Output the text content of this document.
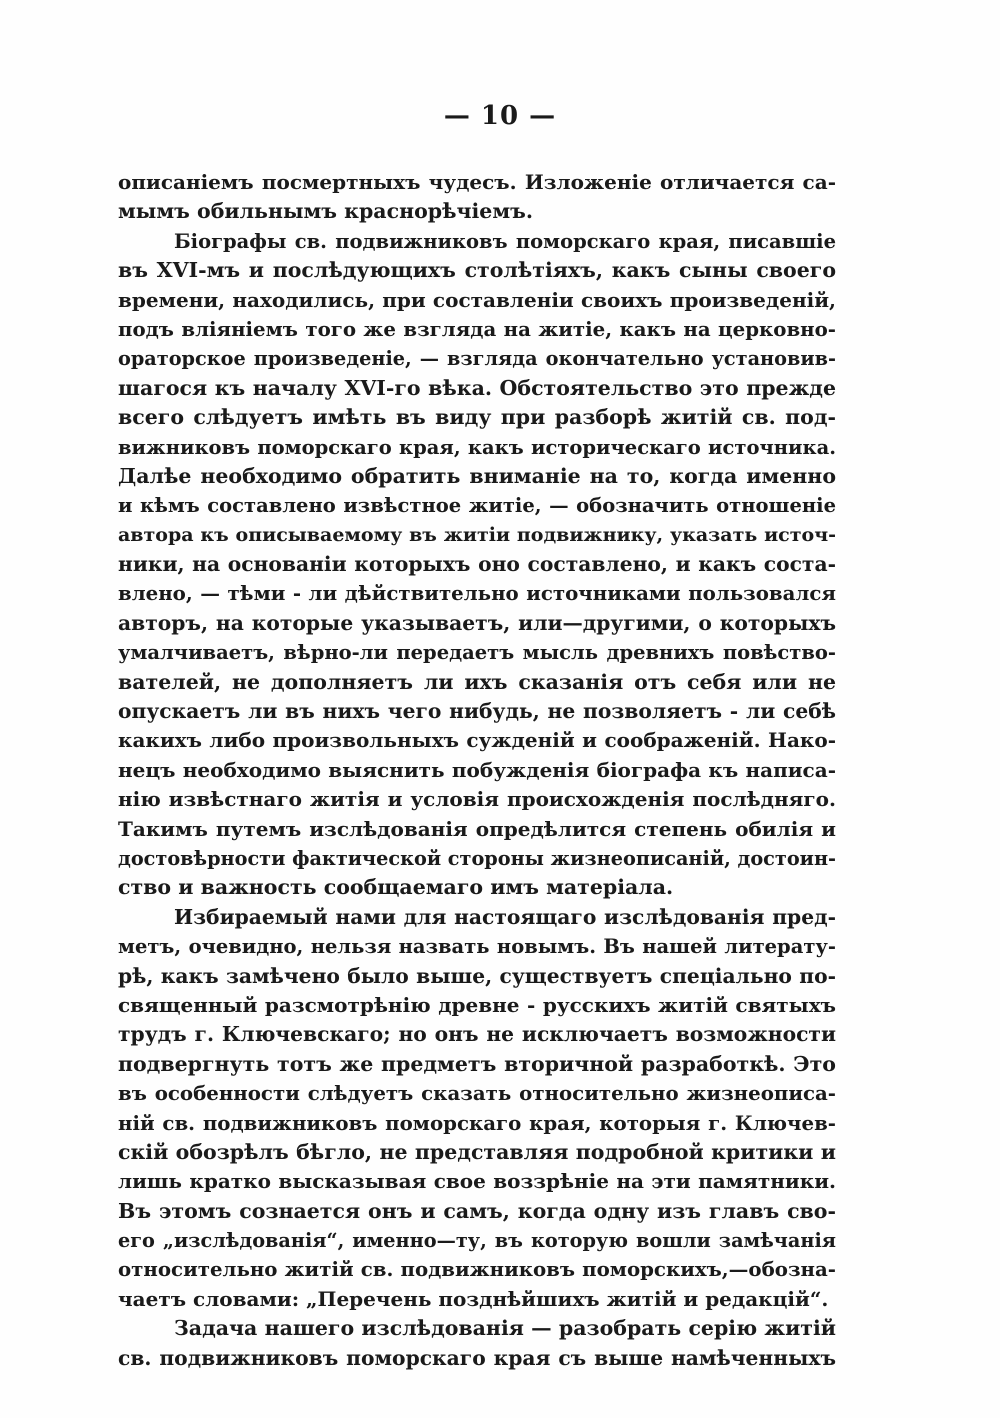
— 10 —
описаніемъ посмертныхъ чудесъ. Изложеніе отличается са-
мымъ обильнымъ краснорѣчіемъ.
Біографы св. подвижниковъ поморскаго края, писавшіе
въ XVI-мъ и послѣдующихъ столѣтіяхъ, какъ сыны своего
времени, находились, при составленіи своихъ произведеній,
подъ вліяніемъ того же взгляда на житіе, какъ на церковно-
ораторское произведеніе, — взгляда окончательно установив-
шагося къ началу XVI-го вѣка. Обстоятельство это прежде
всего слѣдуетъ имѣть въ виду при разборѣ житій св. под-
вижниковъ поморскаго края, какъ историческаго источника.
Далѣе необходимо обратить вниманіе на то, когда именно
и кѣмъ составлено извѣстное житіе, — обозначить отношеніе
автора къ описываемому въ житіи подвижнику, указать источ-
ники, на основаніи которыхъ оно составлено, и какъ соста-
влено, — тѣми - ли дѣйствительно источниками пользовался
авторъ, на которые указываетъ, или—другими, о которыхъ
умалчиваетъ, вѣрно-ли передаетъ мысль древнихъ повѣство-
вателей, не дополняетъ ли ихъ сказанія отъ себя или не
опускаетъ ли въ нихъ чего нибудь, не позволяетъ - ли себѣ
какихъ либо произвольныхъ сужденій и соображеній. Нако-
нецъ необходимо выяснить побужденія біографа къ написа-
нію извѣстнаго житія и условія происхожденія послѣдняго.
Такимъ путемъ изслѣдованія опредѣлится степень обилія и
достовѣрности фактической стороны жизнеописаній, достоин-
ство и важность сообщаемаго имъ матеріала.
Избираемый нами для настоящаго изслѣдованія пред-
метъ, очевидно, нельзя назвать новымъ. Въ нашей литерату-
рѣ, какъ замѣчено было выше, существуетъ спеціально по-
священный разсмотрѣнію древне - русскихъ житій святыхъ
трудъ г. Ключевскаго; но онъ не исключаетъ возможности
подвергнуть тотъ же предметъ вторичной разработкѣ. Это
въ особенности слѣдуетъ сказать относительно жизнеописа-
ній св. подвижниковъ поморскаго края, которыя г. Ключев-
скій обозрѣлъ бѣгло, не представляя подробной критики и
лишь кратко высказывая свое воззрѣніе на эти памятники.
Въ этомъ сознается онъ и самъ, когда одну изъ главъ сво-
его „изслѣдованія“, именно—ту, въ которую вошли замѣчанія
относительно житій св. подвижниковъ поморскихъ,—обозна-
чаетъ словами: „Перечень позднѣйшихъ житій и редакцій“.
Задача нашего изслѣдованія — разобрать серію житій
св. подвижниковъ поморскаго края съ выше намѣченныхъ
